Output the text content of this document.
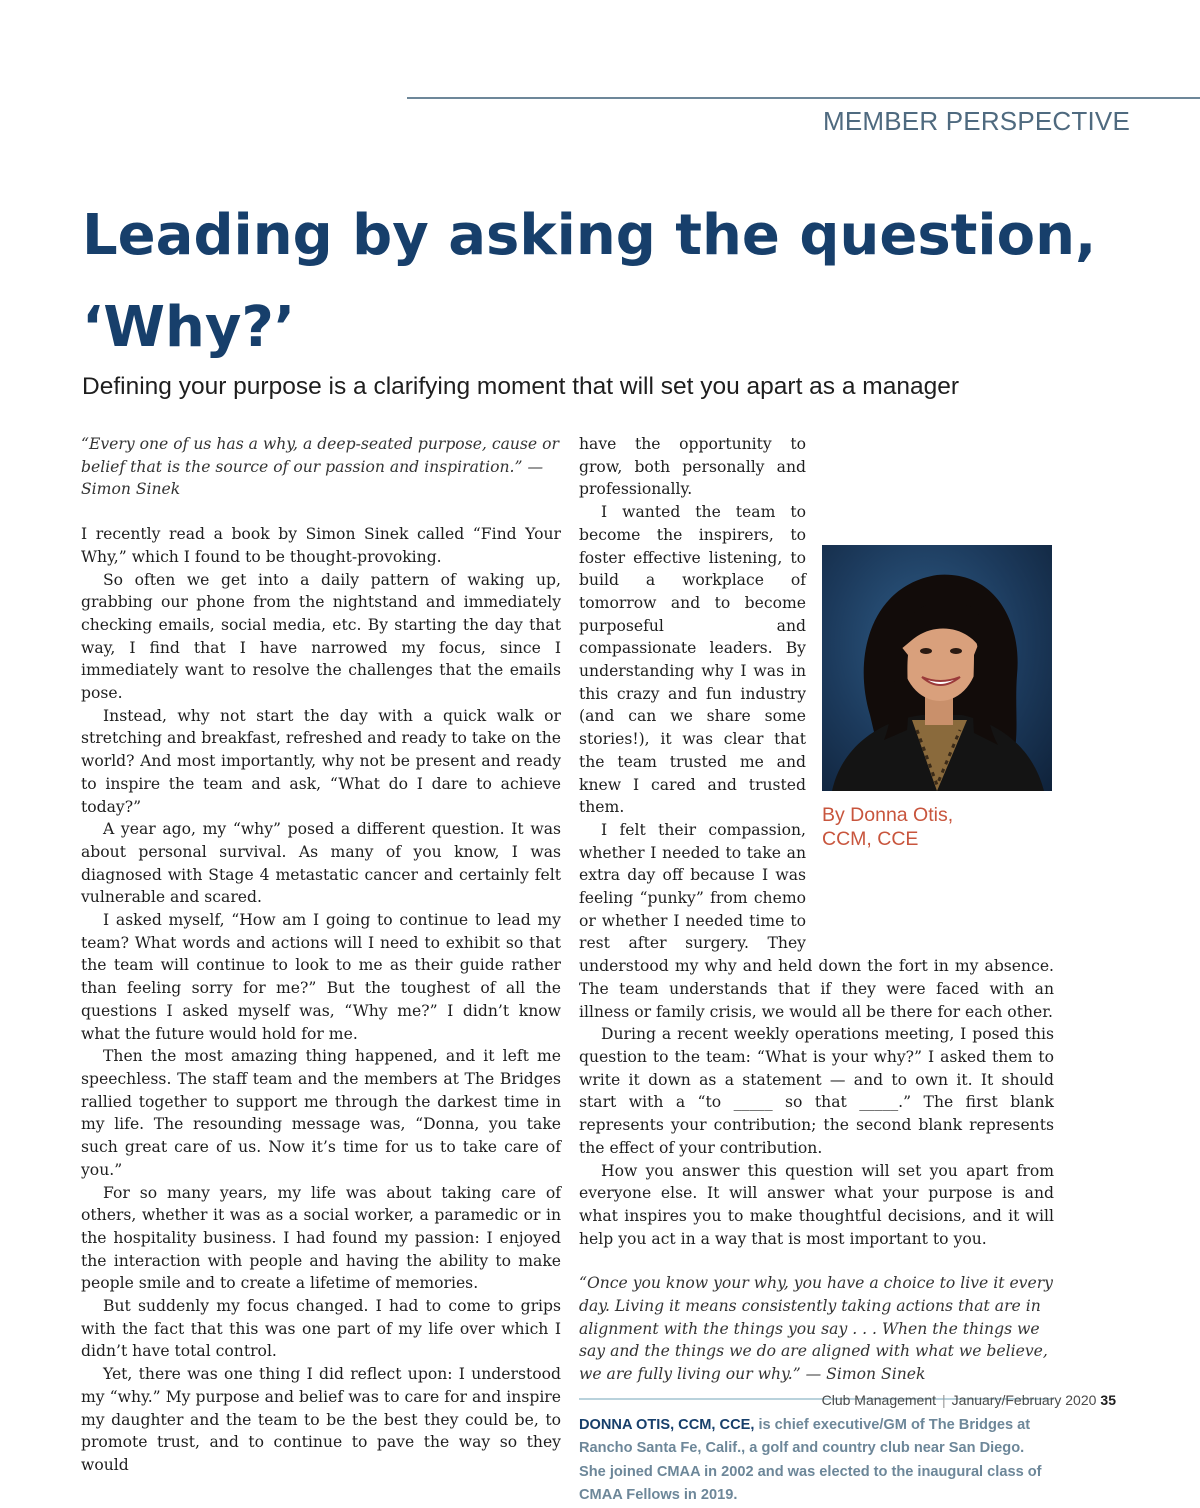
MEMBER PERSPECTIVE
Leading by asking the question, ‘Why?’

Defining your purpose is a clarifying moment that will set you apart as a manager

“Every one of us has a why, a deep-seated purpose, cause or belief that is the source of our passion and inspiration.” — Simon Sinek

I recently read a book by Simon Sinek called “Find Your Why,” which I found to be thought-provoking.

So often we get into a daily pattern of waking up, grabbing our phone from the nightstand and immediately checking emails, social media, etc. By starting the day that way, I find that I have narrowed my focus, since I immediately want to resolve the challenges that the emails pose.

Instead, why not start the day with a quick walk or stretching and breakfast, refreshed and ready to take on the world? And most importantly, why not be present and ready to inspire the team and ask, “What do I dare to achieve today?”

A year ago, my “why” posed a different question. It was about personal survival. As many of you know, I was diagnosed with Stage 4 metastatic cancer and certainly felt vulnerable and scared.

I asked myself, “How am I going to continue to lead my team? What words and actions will I need to exhibit so that the team will continue to look to me as their guide rather than feeling sorry for me?” But the toughest of all the questions I asked myself was, “Why me?” I didn’t know what the future would hold for me.

Then the most amazing thing happened, and it left me speechless. The staff team and the members at The Bridges rallied together to support me through the darkest time in my life. The resounding message was, “Donna, you take such great care of us. Now it’s time for us to take care of you.”

For so many years, my life was about taking care of others, whether it was as a social worker, a paramedic or in the hospitality business. I had found my passion: I enjoyed the interaction with people and having the ability to make people smile and to create a lifetime of memories.

But suddenly my focus changed. I had to come to grips with the fact that this was one part of my life over which I didn’t have total control.

Yet, there was one thing I did reflect upon: I understood my “why.” My purpose and belief was to care for and inspire my daughter and the team to be the best they could be, to promote trust, and to continue to pave the way so they would

By Donna Otis,
CCM, CCE

have the opportunity to grow, both personally and professionally.

I wanted the team to become the inspirers, to foster effective listening, to build a workplace of tomorrow and to become purposeful and compassionate leaders. By understanding why I was in this crazy and fun industry (and can we share some stories!), it was clear that the team trusted me and knew I cared and trusted them.

I felt their compassion, whether I needed to take an extra day off because I was feeling “punky” from chemo or whether I needed time to rest after surgery. They understood my why and held down the fort in my absence. The team understands that if they were faced with an illness or family crisis, we would all be there for each other.

During a recent weekly operations meeting, I posed this question to the team: “What is your why?” I asked them to write it down as a statement — and to own it. It should start with a “to _____ so that _____.” The first blank represents your contribution; the second blank represents the effect of your contribution.

How you answer this question will set you apart from everyone else. It will answer what your purpose is and what inspires you to make thoughtful decisions, and it will help you act in a way that is most important to you.

“Once you know your why, you have a choice to live it every day. Living it means consistently taking actions that are in alignment with the things you say . . . When the things we say and the things we do are aligned with what we believe, we are fully living our why.” — Simon Sinek

DONNA OTIS, CCM, CCE, is chief executive/GM of The Bridges at Rancho Santa Fe, Calif., a golf and country club near San Diego. She joined CMAA in 2002 and was elected to the inaugural class of CMAA Fellows in 2019.

Club Management | January/February 2020 35
